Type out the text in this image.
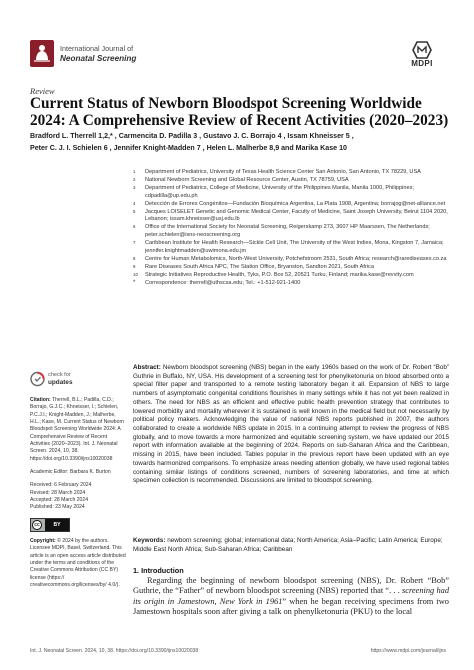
International Journal of
Neonatal Screening
MDPI
Review
Current Status of Newborn Bloodspot Screening Worldwide 2024: A Comprehensive Review of Recent Activities (2020–2023)
Bradford L. Therrell 1,2,* , Carmencita D. Padilla 3 , Gustavo J. C. Borrajo 4 , Issam Khneisser 5 ,
Peter C. J. I. Schielen 6 , Jennifer Knight-Madden 7 , Helen L. Malherbe 8,9 and Marika Kase 10
1 Department of Pediatrics, University of Texas Health Science Center San Antonio, San Antonio, TX 78229, USA
2 National Newborn Screening and Global Resource Center, Austin, TX 78759, USA
3 Department of Pediatrics, College of Medicine, University of the Philippines Manila, Manila 1000, Philippines; cdpadilla@up.edu.ph
4 Detección de Errores Congénitos—Fundación Bioquímica Argentina, La Plata 1908, Argentina; borrajog@net-alliance.net
5 Jacques LOISELET Genetic and Genomic Medical Center, Faculty of Medicine, Saint Joseph University, Beirut 1104 2020, Lebanon; issam.khneisser@usj.edu.lb
6 Office of the International Society for Neonatal Screening, Reigerskamp 273, 3607 HP Maarssen, The Netherlands; peter.schielen@isns-neoscreening.org
7 Caribbean Institute for Health Research—Sickle Cell Unit, The University of the West Indies, Mona, Kingston 7, Jamaica; jennifer.knightmadden@uwimona.edu.jm
8 Centre for Human Metabolomics, North-West University, Potchefstroom 2531, South Africa; research@rarediseases.co.za
9 Rare Diseases South Africa NPC, The Station Office, Bryanston, Sandton 2021, South Africa
10 Strategic Initiatives Reproductive Health, Tyks, P.O. Box 52, 20521 Turku, Finland; marika.kase@revvity.com
* Correspondence: therrell@uthscsa.edu; Tel.: +1-512-921-1400
check for
updates
Citation: Therrell, B.L.; Padilla, C.D.; Borrajo, G.J.C.; Khneisser, I.; Schielen, P.C.J.I.; Knight-Madden, J.; Malherbe, H.L.; Kase, M. Current Status of Newborn Bloodspot Screening Worldwide 2024: A Comprehensive Review of Recent Activities (2020–2023). Int. J. Neonatal Screen. 2024, 10, 38. https://doi.org/10.3390/ijns10020038
Academic Editor: Barbara K. Burton
Received: 6 February 2024
Revised: 28 March 2024
Accepted: 28 March 2024
Published: 23 May 2024
cc	BY
Copyright: © 2024 by the authors. Licensee MDPI, Basel, Switzerland. This article is an open access article distributed under the terms and conditions of the Creative Commons Attribution (CC BY) license (https:// creativecommons.org/licenses/by/ 4.0/).
Abstract: Newborn bloodspot screening (NBS) began in the early 1960s based on the work of Dr. Robert “Bob” Guthrie in Buffalo, NY, USA. His development of a screening test for phenylketonuria on blood absorbed onto a special filter paper and transported to a remote testing laboratory began it all. Expansion of NBS to large numbers of asymptomatic congenital conditions flourishes in many settings while it has not yet been realized in others. The need for NBS as an efficient and effective public health prevention strategy that contributes to lowered morbidity and mortality wherever it is sustained is well known in the medical field but not necessarily by political policy makers. Acknowledging the value of national NBS reports published in 2007, the authors collaborated to create a worldwide NBS update in 2015. In a continuing attempt to review the progress of NBS globally, and to move towards a more harmonized and equitable screening system, we have updated our 2015 report with information available at the beginning of 2024. Reports on sub-Saharan Africa and the Caribbean, missing in 2015, have been included. Tables popular in the previous report have been updated with an eye towards harmonized comparisons. To emphasize areas needing attention globally, we have used regional tables containing similar listings of conditions screened, numbers of screening laboratories, and time at which specimen collection is recommended. Discussions are limited to bloodspot screening.
Keywords: newborn screening; global; international data; North America; Asia–Pacific; Latin America; Europe; Middle East North Africa; Sub-Saharan Africa; Caribbean
1. Introduction
Regarding the beginning of newborn bloodspot screening (NBS), Dr. Robert “Bob” Guthrie, the “Father” of newborn bloodspot screening (NBS) reported that “. . . screening had its origin in Jamestown, New York in 1961” when he began receiving specimens from two Jamestown hospitals soon after giving a talk on phenylketonuria (PKU) to the local
Int. J. Neonatal Screen. 2024, 10, 38. https://doi.org/10.3390/ijns10020038	https://www.mdpi.com/journal/ijns
